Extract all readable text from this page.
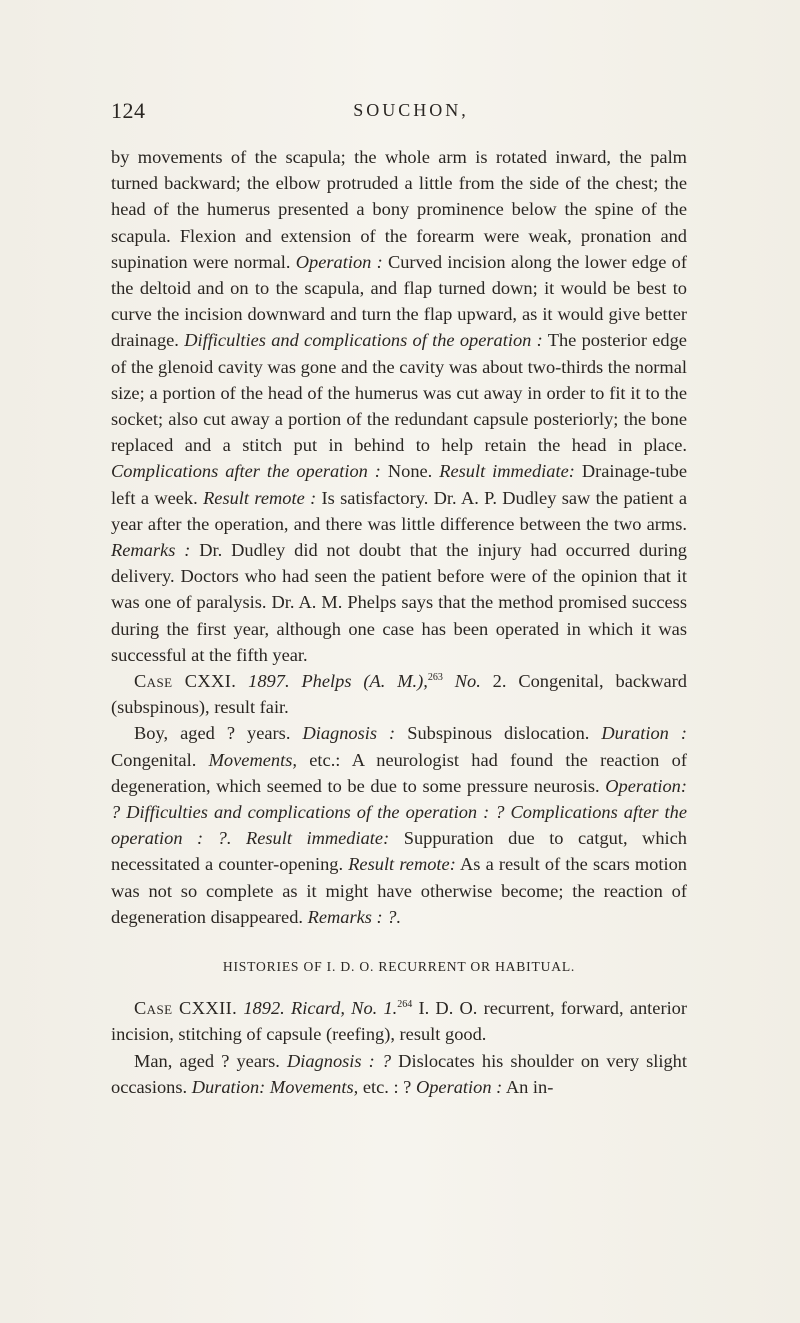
124	SOUCHON,

by movements of the scapula; the whole arm is rotated inward, the palm turned backward; the elbow protruded a little from the side of the chest; the head of the humerus presented a bony prominence below the spine of the scapula. Flexion and extension of the forearm were weak, pronation and supination were normal. Operation : Curved incision along the lower edge of the deltoid and on to the scapula, and flap turned down; it would be best to curve the incision downward and turn the flap upward, as it would give better drainage. Difficulties and complications of the operation : The posterior edge of the glenoid cavity was gone and the cavity was about two-thirds the normal size; a portion of the head of the humerus was cut away in order to fit it to the socket; also cut away a portion of the redundant capsule posteriorly; the bone replaced and a stitch put in behind to help retain the head in place. Complications after the operation : None. Result immediate: Drainage-tube left a week. Result remote : Is satisfactory. Dr. A. P. Dudley saw the patient a year after the operation, and there was little difference between the two arms. Remarks : Dr. Dudley did not doubt that the injury had occurred during delivery. Doctors who had seen the patient before were of the opinion that it was one of paralysis. Dr. A. M. Phelps says that the method promised success during the first year, although one case has been operated in which it was successful at the fifth year.

Case CXXI. 1897. Phelps (A. M.),$^{263}$ No. 2. Congenital, backward (subspinous), result fair.

Boy, aged ? years. Diagnosis : Subspinous dislocation. Duration : Congenital. Movements, etc.: A neurologist had found the reaction of degeneration, which seemed to be due to some pressure neurosis. Operation: ? Difficulties and complications of the operation : ? Complications after the operation : ?. Result immediate: Suppuration due to catgut, which necessitated a counter-opening. Result remote: As a result of the scars motion was not so complete as it might have otherwise become; the reaction of degeneration disappeared. Remarks : ?.

HISTORIES OF I. D. O. RECURRENT OR HABITUAL.

Case CXXII. 1892. Ricard, No. 1.$^{264}$ I. D. O. recurrent, forward, anterior incision, stitching of capsule (reefing), result good.

Man, aged ? years. Diagnosis : ? Dislocates his shoulder on very slight occasions. Duration: Movements, etc. : ? Operation : An in-
